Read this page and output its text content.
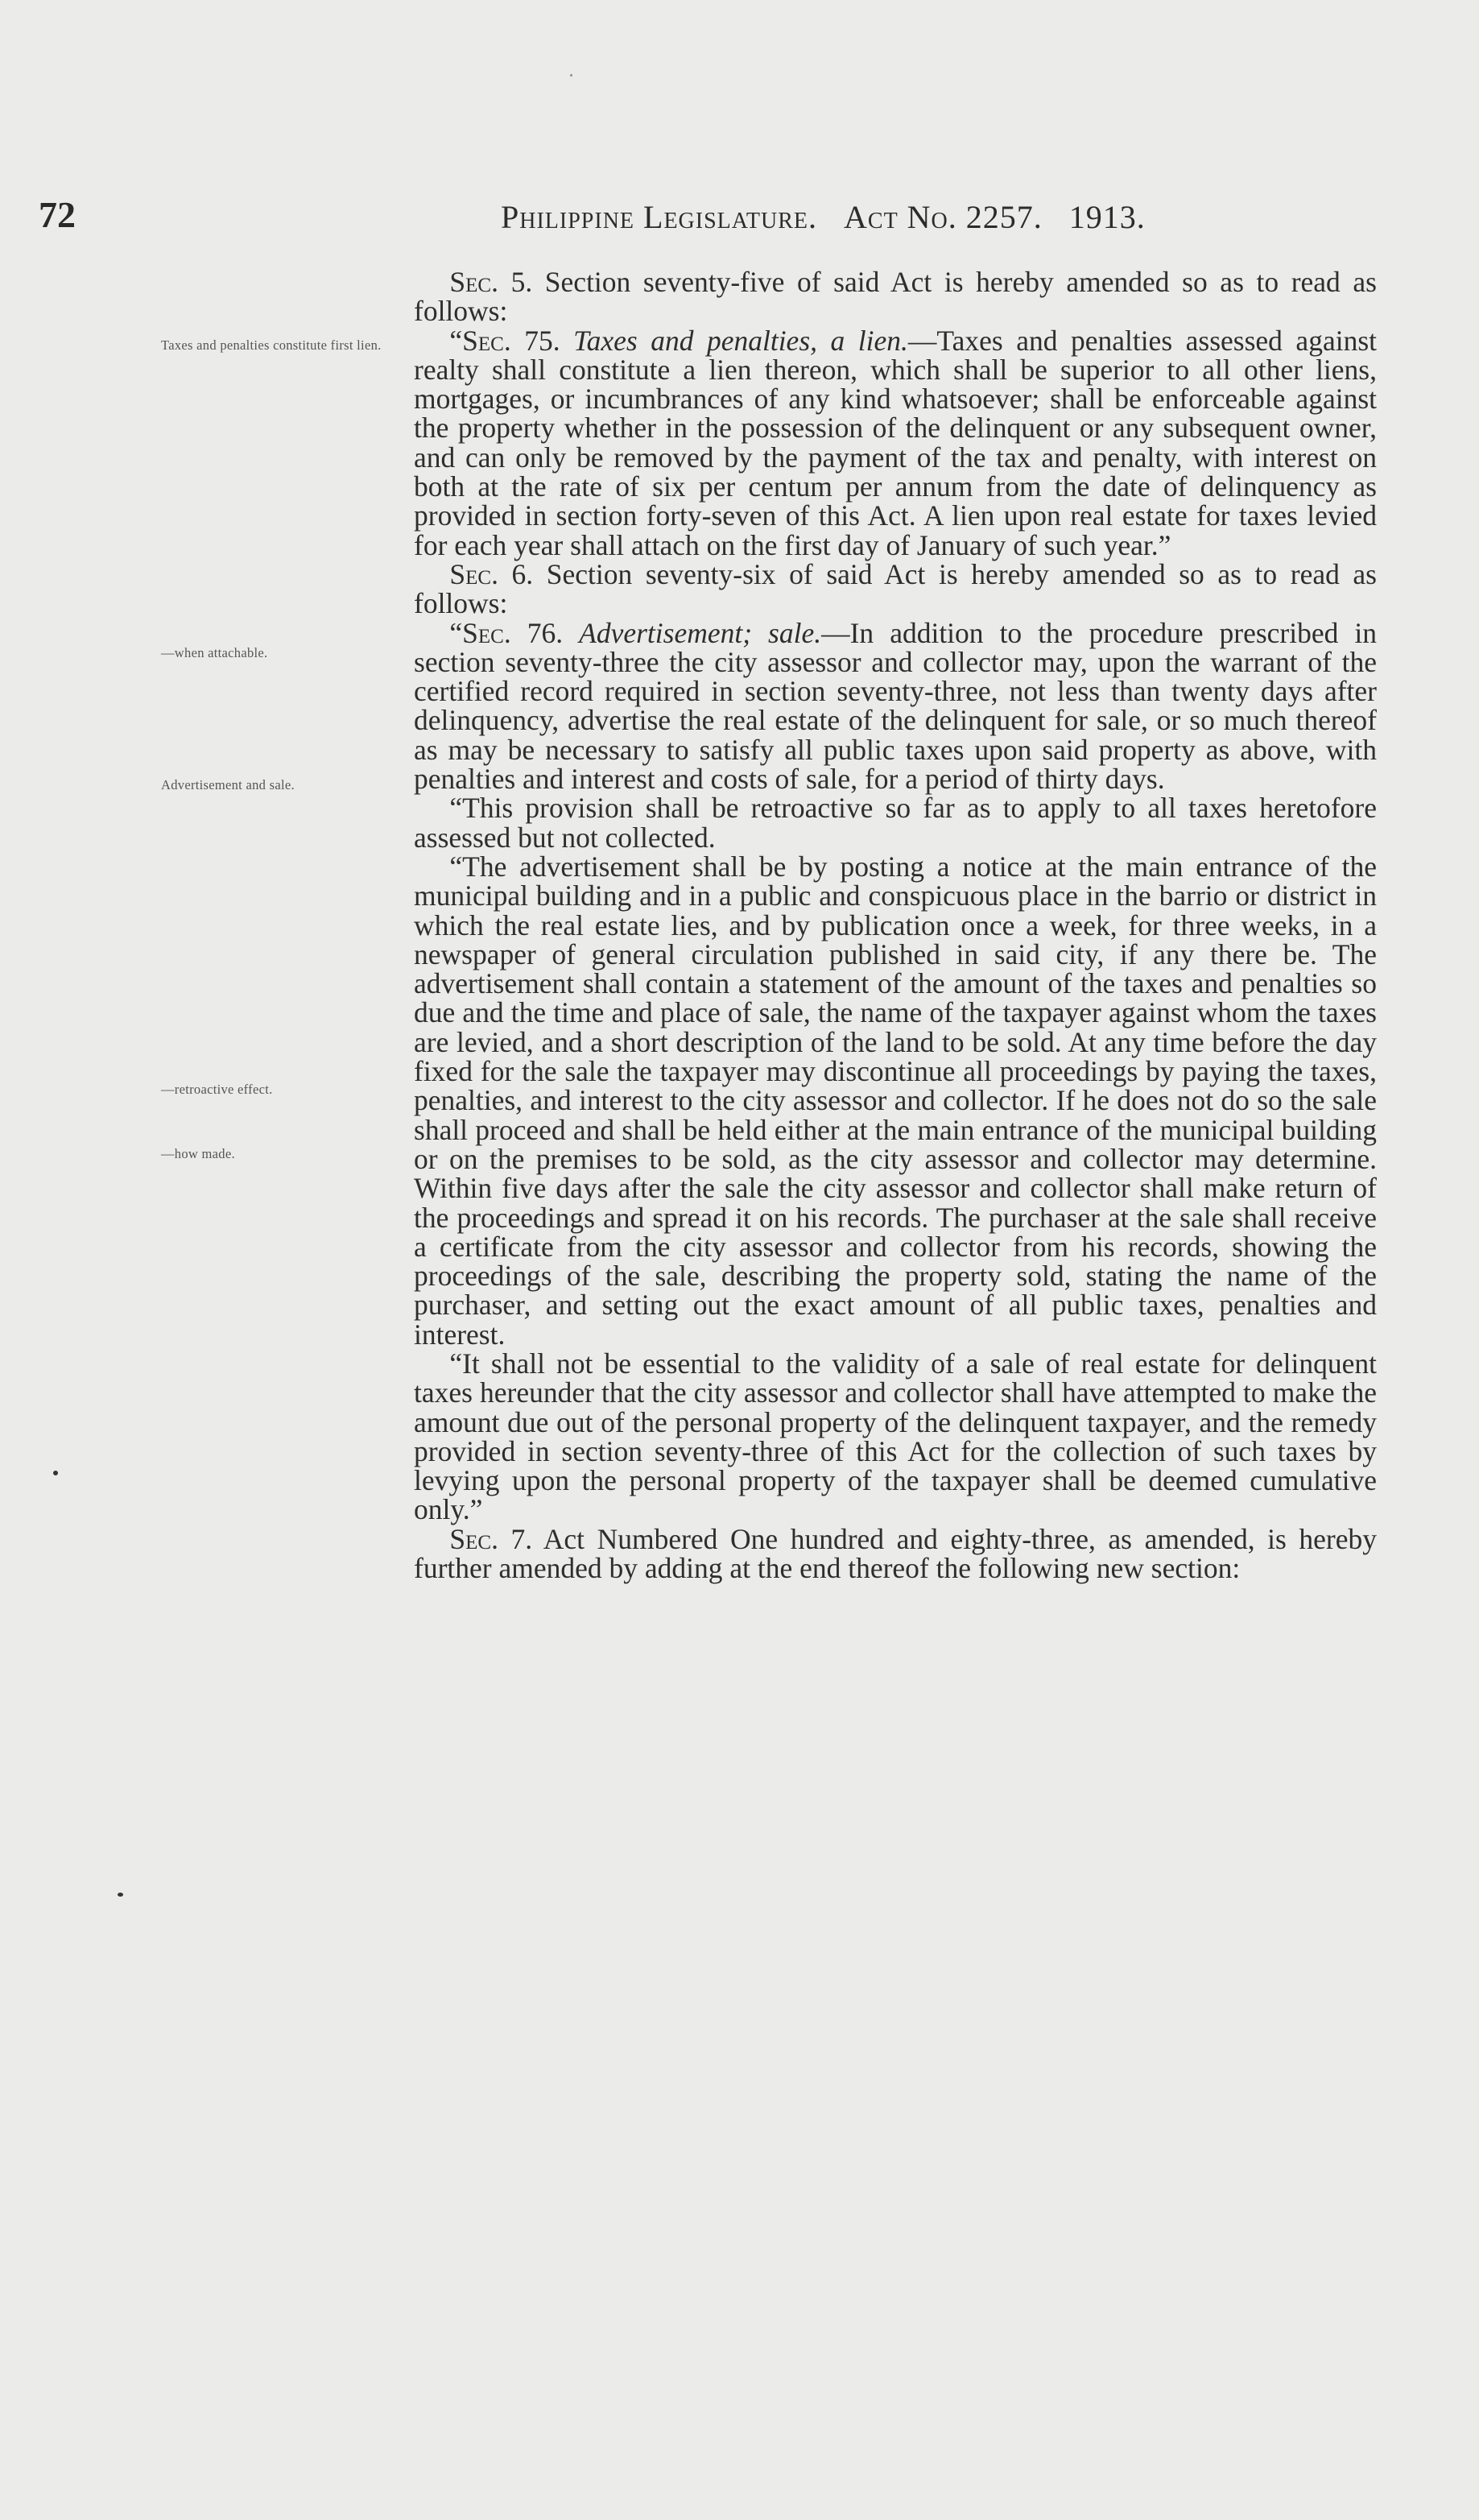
72	Philippine Legislature. Act No. 2257. 1913.
Taxes and penalties constitute first lien.
—when attachable.
Advertisement and sale.
—retroactive effect.
—how made.

Sec. 5. Section seventy-five of said Act is hereby amended so as to read as follows:

“Sec. 75. Taxes and penalties, a lien.—Taxes and penalties assessed against realty shall constitute a lien thereon, which shall be superior to all other liens, mortgages, or incumbrances of any kind whatsoever; shall be enforceable against the property whether in the possession of the delinquent or any subsequent owner, and can only be removed by the payment of the tax and penalty, with interest on both at the rate of six per centum per annum from the date of delinquency as provided in section forty-seven of this Act. A lien upon real estate for taxes levied for each year shall attach on the first day of January of such year.”

Sec. 6. Section seventy-six of said Act is hereby amended so as to read as follows:

“Sec. 76. Advertisement; sale.—In addition to the procedure prescribed in section seventy-three the city assessor and collector may, upon the warrant of the certified record required in section seventy-three, not less than twenty days after delinquency, advertise the real estate of the delinquent for sale, or so much thereof as may be necessary to satisfy all public taxes upon said property as above, with penalties and interest and costs of sale, for a period of thirty days.

“This provision shall be retroactive so far as to apply to all taxes heretofore assessed but not collected.

“The advertisement shall be by posting a notice at the main entrance of the municipal building and in a public and conspicuous place in the barrio or district in which the real estate lies, and by publication once a week, for three weeks, in a newspaper of general circulation published in said city, if any there be. The advertisement shall contain a statement of the amount of the taxes and penalties so due and the time and place of sale, the name of the taxpayer against whom the taxes are levied, and a short description of the land to be sold. At any time before the day fixed for the sale the taxpayer may discontinue all proceedings by paying the taxes, penalties, and interest to the city assessor and collector. If he does not do so the sale shall proceed and shall be held either at the main entrance of the municipal building or on the premises to be sold, as the city assessor and collector may determine. Within five days after the sale the city assessor and collector shall make return of the proceedings and spread it on his records. The purchaser at the sale shall receive a certificate from the city assessor and collector from his records, showing the proceedings of the sale, describing the property sold, stating the name of the purchaser, and setting out the exact amount of all public taxes, penalties and interest.

“It shall not be essential to the validity of a sale of real estate for delinquent taxes hereunder that the city assessor and collector shall have attempted to make the amount due out of the personal property of the delinquent taxpayer, and the remedy provided in section seventy-three of this Act for the collection of such taxes by levying upon the personal property of the taxpayer shall be deemed cumulative only.”

Sec. 7. Act Numbered One hundred and eighty-three, as amended, is hereby further amended by adding at the end thereof the following new section:
